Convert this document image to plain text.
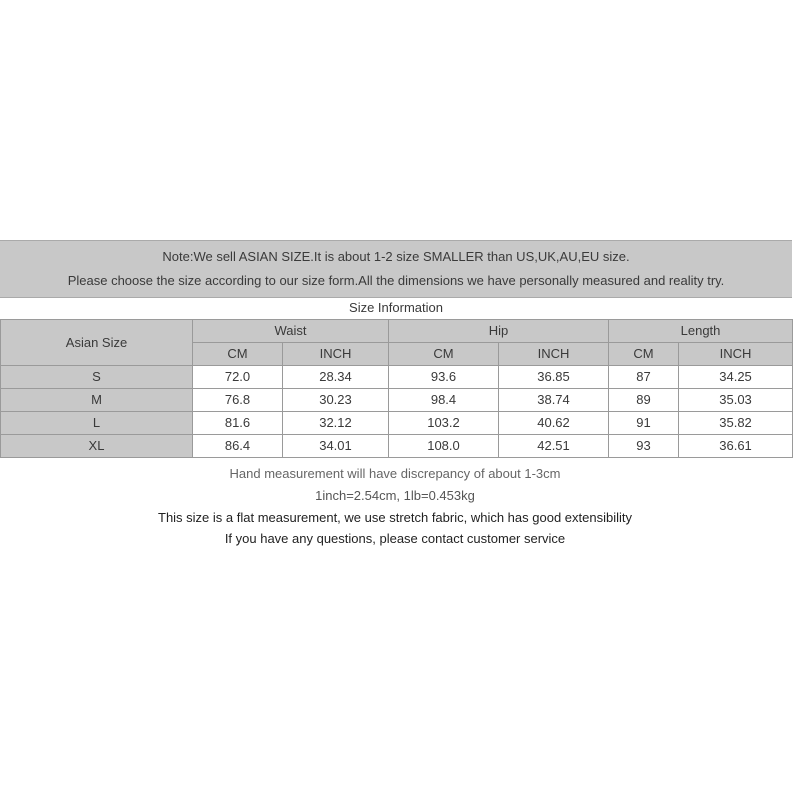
Note:We sell ASIAN SIZE.It is about 1-2 size SMALLER than US,UK,AU,EU size.
Please choose the size according to our size form.All the dimensions we have personally measured and reality try.
Size Information
Asian Size	Waist		Hip		Length	
	CM	INCH	CM	INCH	CM	INCH
S	72.0	28.34	93.6	36.85	87	34.25
M	76.8	30.23	98.4	38.74	89	35.03
L	81.6	32.12	103.2	40.62	91	35.82
XL	86.4	34.01	108.0	42.51	93	36.61
Hand measurement will have discrepancy of about 1-3cm
1inch=2.54cm, 1lb=0.453kg
This size is a flat measurement, we use stretch fabric, which has good extensibility
If you have any questions, please contact customer service
